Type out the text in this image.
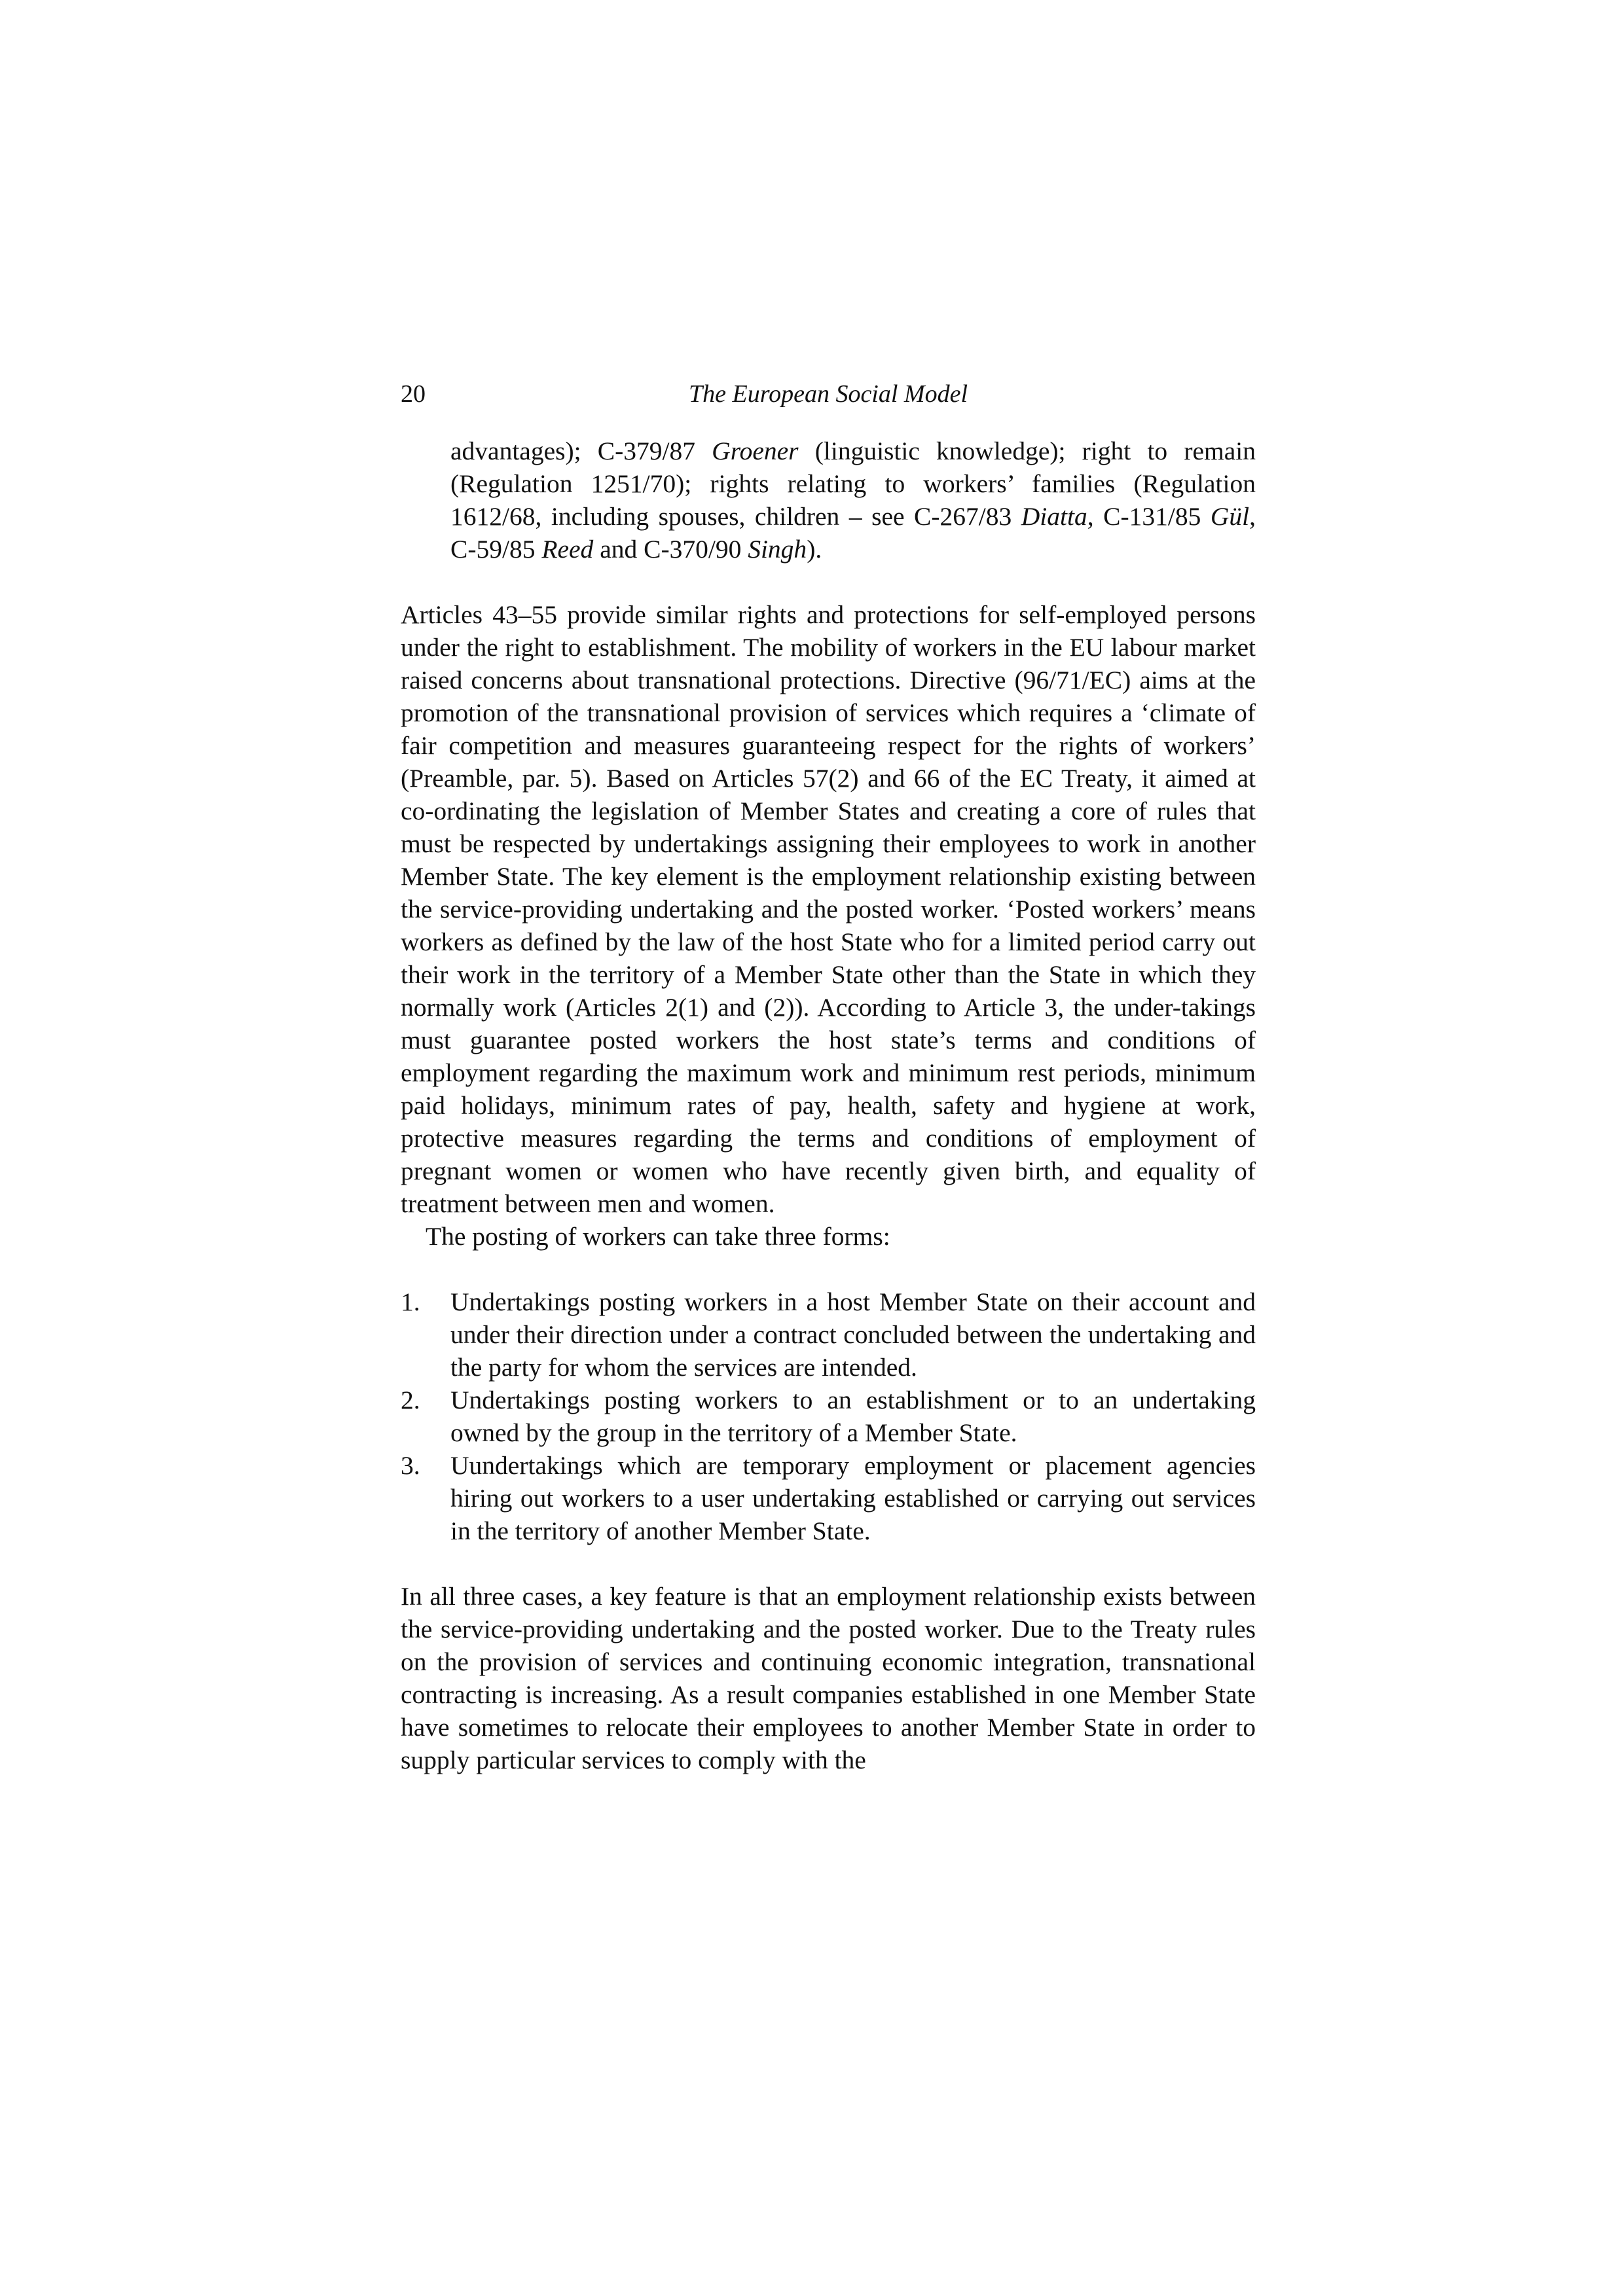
20	The European Social Model

advantages); C-379/87 Groener (linguistic knowledge); right to remain (Regulation 1251/70); rights relating to workers’ families (Regulation 1612/68, including spouses, children – see C-267/83 Diatta, C-131/85 Gül, C-59/85 Reed and C-370/90 Singh).

Articles 43–55 provide similar rights and protections for self-employed persons under the right to establishment. The mobility of workers in the EU labour market raised concerns about transnational protections. Directive (96/71/EC) aims at the promotion of the transnational provision of services which requires a ‘climate of fair competition and measures guaranteeing respect for the rights of workers’ (Preamble, par. 5). Based on Articles 57(2) and 66 of the EC Treaty, it aimed at co-ordinating the legislation of Member States and creating a core of rules that must be respected by undertakings assigning their employees to work in another Member State. The key element is the employment relationship existing between the service-providing undertaking and the posted worker. ‘Posted workers’ means workers as defined by the law of the host State who for a limited period carry out their work in the territory of a Member State other than the State in which they normally work (Articles 2(1) and (2)). According to Article 3, the under-takings must guarantee posted workers the host state’s terms and conditions of employment regarding the maximum work and minimum rest periods, minimum paid holidays, minimum rates of pay, health, safety and hygiene at work, protective measures regarding the terms and conditions of employment of pregnant women or women who have recently given birth, and equality of treatment between men and women.

The posting of workers can take three forms:

1. Undertakings posting workers in a host Member State on their account and under their direction under a contract concluded between the undertaking and the party for whom the services are intended.
2. Undertakings posting workers to an establishment or to an undertaking owned by the group in the territory of a Member State.
3. Uundertakings which are temporary employment or placement agencies hiring out workers to a user undertaking established or carrying out services in the territory of another Member State.

In all three cases, a key feature is that an employment relationship exists between the service-providing undertaking and the posted worker. Due to the Treaty rules on the provision of services and continuing economic integration, transnational contracting is increasing. As a result companies established in one Member State have sometimes to relocate their employees to another Member State in order to supply particular services to comply with the
